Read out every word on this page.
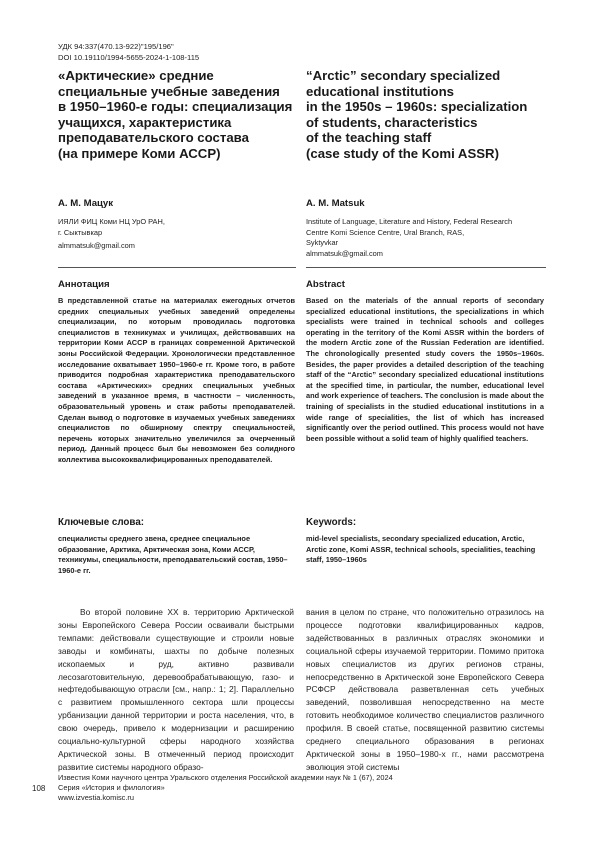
УДК 94:337(470.13-922)"195/196"
DOI 10.19110/1994-5655-2024-1-108-115
«Арктические» средние
специальные учебные заведения
в 1950–1960-е годы: специализация
учащихся, характеристика
преподавательского состава
(на примере Коми АССР)
“Arctic” secondary specialized
educational institutions
in the 1950s – 1960s: specialization
of students, characteristics
of the teaching staff
(case study of the Komi ASSR)
А. М. Мацук	A. M. Matsuk
ИЯЛИ ФИЦ Коми НЦ УрО РАН,
г. Сыктывкар
almmatsuk@gmail.com
Institute of Language, Literature and History, Federal Research
Centre Komi Science Centre, Ural Branch, RAS,
Syktyvkar
almmatsuk@gmail.com
Аннотация	Abstract
В представленной статье на материалах ежегодных отчетов средних специальных учебных заведений определены специализации, по которым проводилась подготовка специалистов в техникумах и училищах, действовавших на территории Коми АССР в границах современной Арктической зоны Российской Федерации. Хронологически представленное исследование охватывает 1950–1960-е гг. Кроме того, в работе приводится подробная характеристика преподавательского состава «Арктических» средних специальных учебных заведений в указанное время, в частности – численность, образовательный уровень и стаж работы преподавателей. Сделан вывод о подготовке в изучаемых учебных заведениях специалистов по обширному спектру специальностей, перечень которых значительно увеличился за очерченный период. Данный процесс был бы невозможен без солидного коллектива высококвалифицированных преподавателей.
Based on the materials of the annual reports of secondary specialized educational institutions, the specializations in which specialists were trained in technical schools and colleges operating in the territory of the Komi ASSR within the borders of the modern Arctic zone of the Russian Federation are identified. The chronologically presented study covers the 1950s–1960s. Besides, the paper provides a detailed description of the teaching staff of the “Arctic” secondary specialized educational institutions at the specified time, in particular, the number, educational level and work experience of teachers. The conclusion is made about the training of specialists in the studied educational institutions in a wide range of specialities, the list of which has increased significantly over the period outlined. This process would not have been possible without a solid team of highly qualified teachers.
Ключевые слова:	Keywords:
специалисты среднего звена, среднее специальное образование, Арктика, Арктическая зона, Коми АССР, техникумы, специальности, преподавательский состав, 1950–1960-е гг.
mid-level specialists, secondary specialized education, Arctic, Arctic zone, Komi ASSR, technical schools, specialities, teaching staff, 1950–1960s
Во второй половине XX в. территорию Арктической зоны Европейского Севера России осваивали быстрыми темпами: действовали существующие и строили новые заводы и комбинаты, шахты по добыче полезных ископаемых и руд, активно развивали лесозаготовительную, деревообрабатывающую, газо- и нефтедобывающую отрасли [см., напр.: 1; 2]. Параллельно с развитием промышленного сектора шли процессы урбанизации данной территории и роста населения, что, в свою очередь, привело к модернизации и расширению социально-культурной сферы народного хозяйства Арктической зоны. В отмеченный период происходит развитие системы народного образо-
вания в целом по стране, что положительно отразилось на процессе подготовки квалифицированных кадров, задействованных в различных отраслях экономики и социальной сферы изучаемой территории. Помимо притока новых специалистов из других регионов страны, непосредственно в Арктической зоне Европейского Севера РСФСР действовала разветвленная сеть учебных заведений, позволившая непосредственно на месте готовить необходимое количество специалистов различного профиля. В своей статье, посвященной развитию системы среднего специального образования в регионах Арктической зоны в 1950–1980-х гг., нами рассмотрена эволюция этой системы
108
Известия Коми научного центра Уральского отделения Российской академии наук № 1 (67), 2024
Серия «История и филология»
www.izvestia.komisc.ru
